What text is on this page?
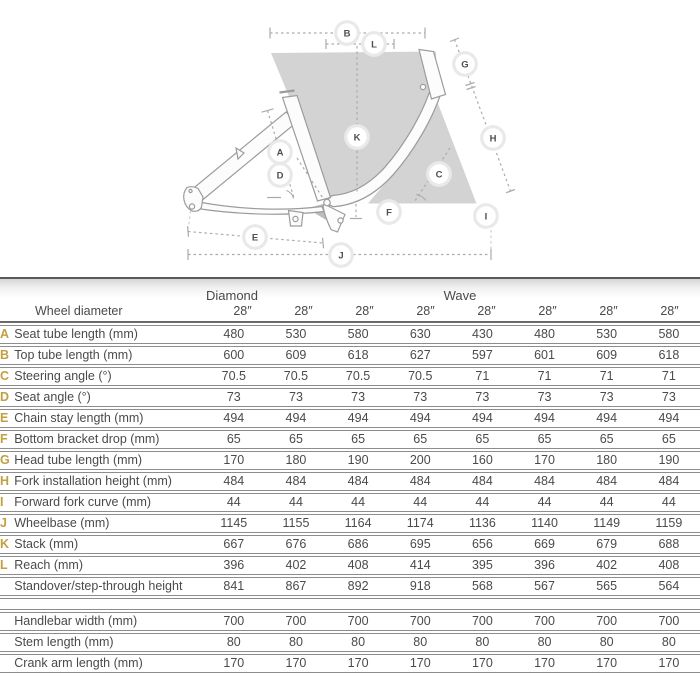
A
B
C
D
E
F
G
H
I
J
K
L
Diamond	Wave
Wheel diameter	28″	28″	28″	28″	28″	28″	28″	28″
A	Seat tube length (mm)	480	530	580	630	430	480	530	580
B	Top tube length (mm)	600	609	618	627	597	601	609	618
C	Steering angle (°)	70.5	70.5	70.5	70.5	71	71	71	71
D	Seat angle (°)	73	73	73	73	73	73	73	73
E	Chain stay length (mm)	494	494	494	494	494	494	494	494
F	Bottom bracket drop (mm)	65	65	65	65	65	65	65	65
G	Head tube length (mm)	170	180	190	200	160	170	180	190
H	Fork installation height (mm)	484	484	484	484	484	484	484	484
I	Forward fork curve (mm)	44	44	44	44	44	44	44	44
J	Wheelbase (mm)	1145	1155	1164	1174	1136	1140	1149	1159
K	Stack (mm)	667	676	686	695	656	669	679	688
L	Reach (mm)	396	402	408	414	395	396	402	408
	Standover/step-through height	841	867	892	918	568	567	565	564

	Handlebar width (mm)	700	700	700	700	700	700	700	700
	Stem length (mm)	80	80	80	80	80	80	80	80
	Crank arm length (mm)	170	170	170	170	170	170	170	170
